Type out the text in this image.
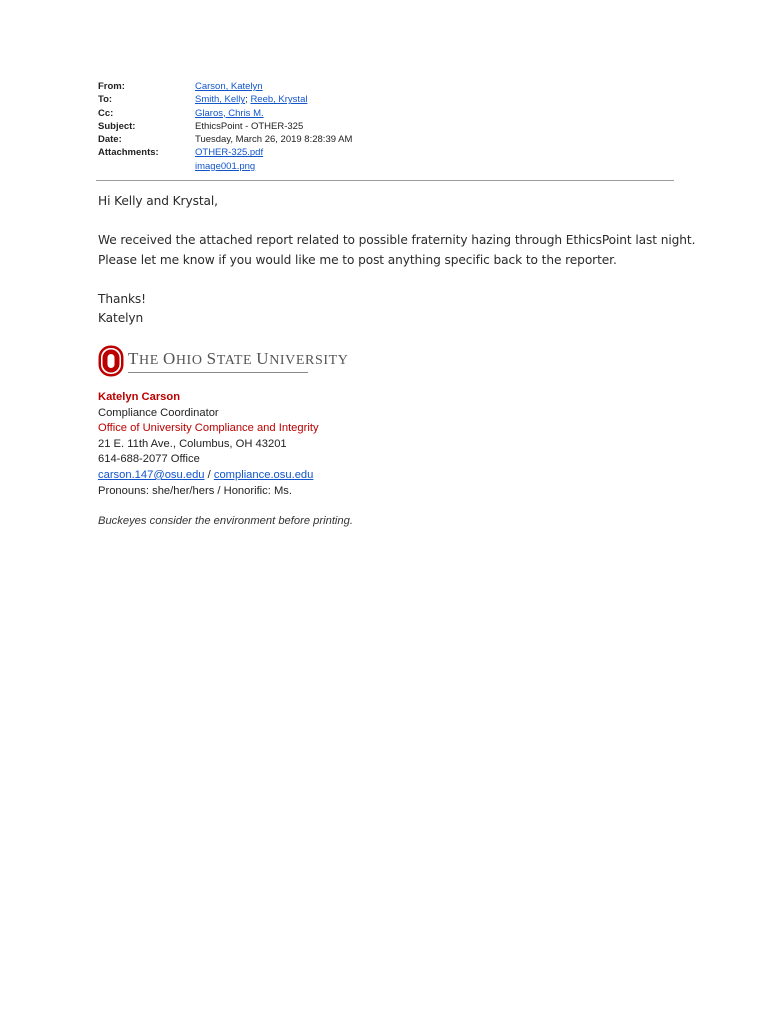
From:	Carson, Katelyn
To:	Smith, Kelly; Reeb, Krystal
Cc:	Glaros, Chris M.
Subject:	EthicsPoint - OTHER-325
Date:	Tuesday, March 26, 2019 8:28:39 AM
Attachments:	OTHER-325.pdf
image001.png

Hi Kelly and Krystal,

We received the attached report related to possible fraternity hazing through EthicsPoint last night.

Please let me know if you would like me to post anything specific back to the reporter.

Thanks!

Katelyn

THE OHIO STATE UNIVERSITY
Katelyn Carson
Compliance Coordinator
Office of University Compliance and Integrity
21 E. 11th Ave., Columbus, OH 43201
614-688-2077 Office
carson.147@osu.edu / compliance.osu.edu
Pronouns: she/her/hers / Honorific: Ms.
Buckeyes consider the environment before printing.
